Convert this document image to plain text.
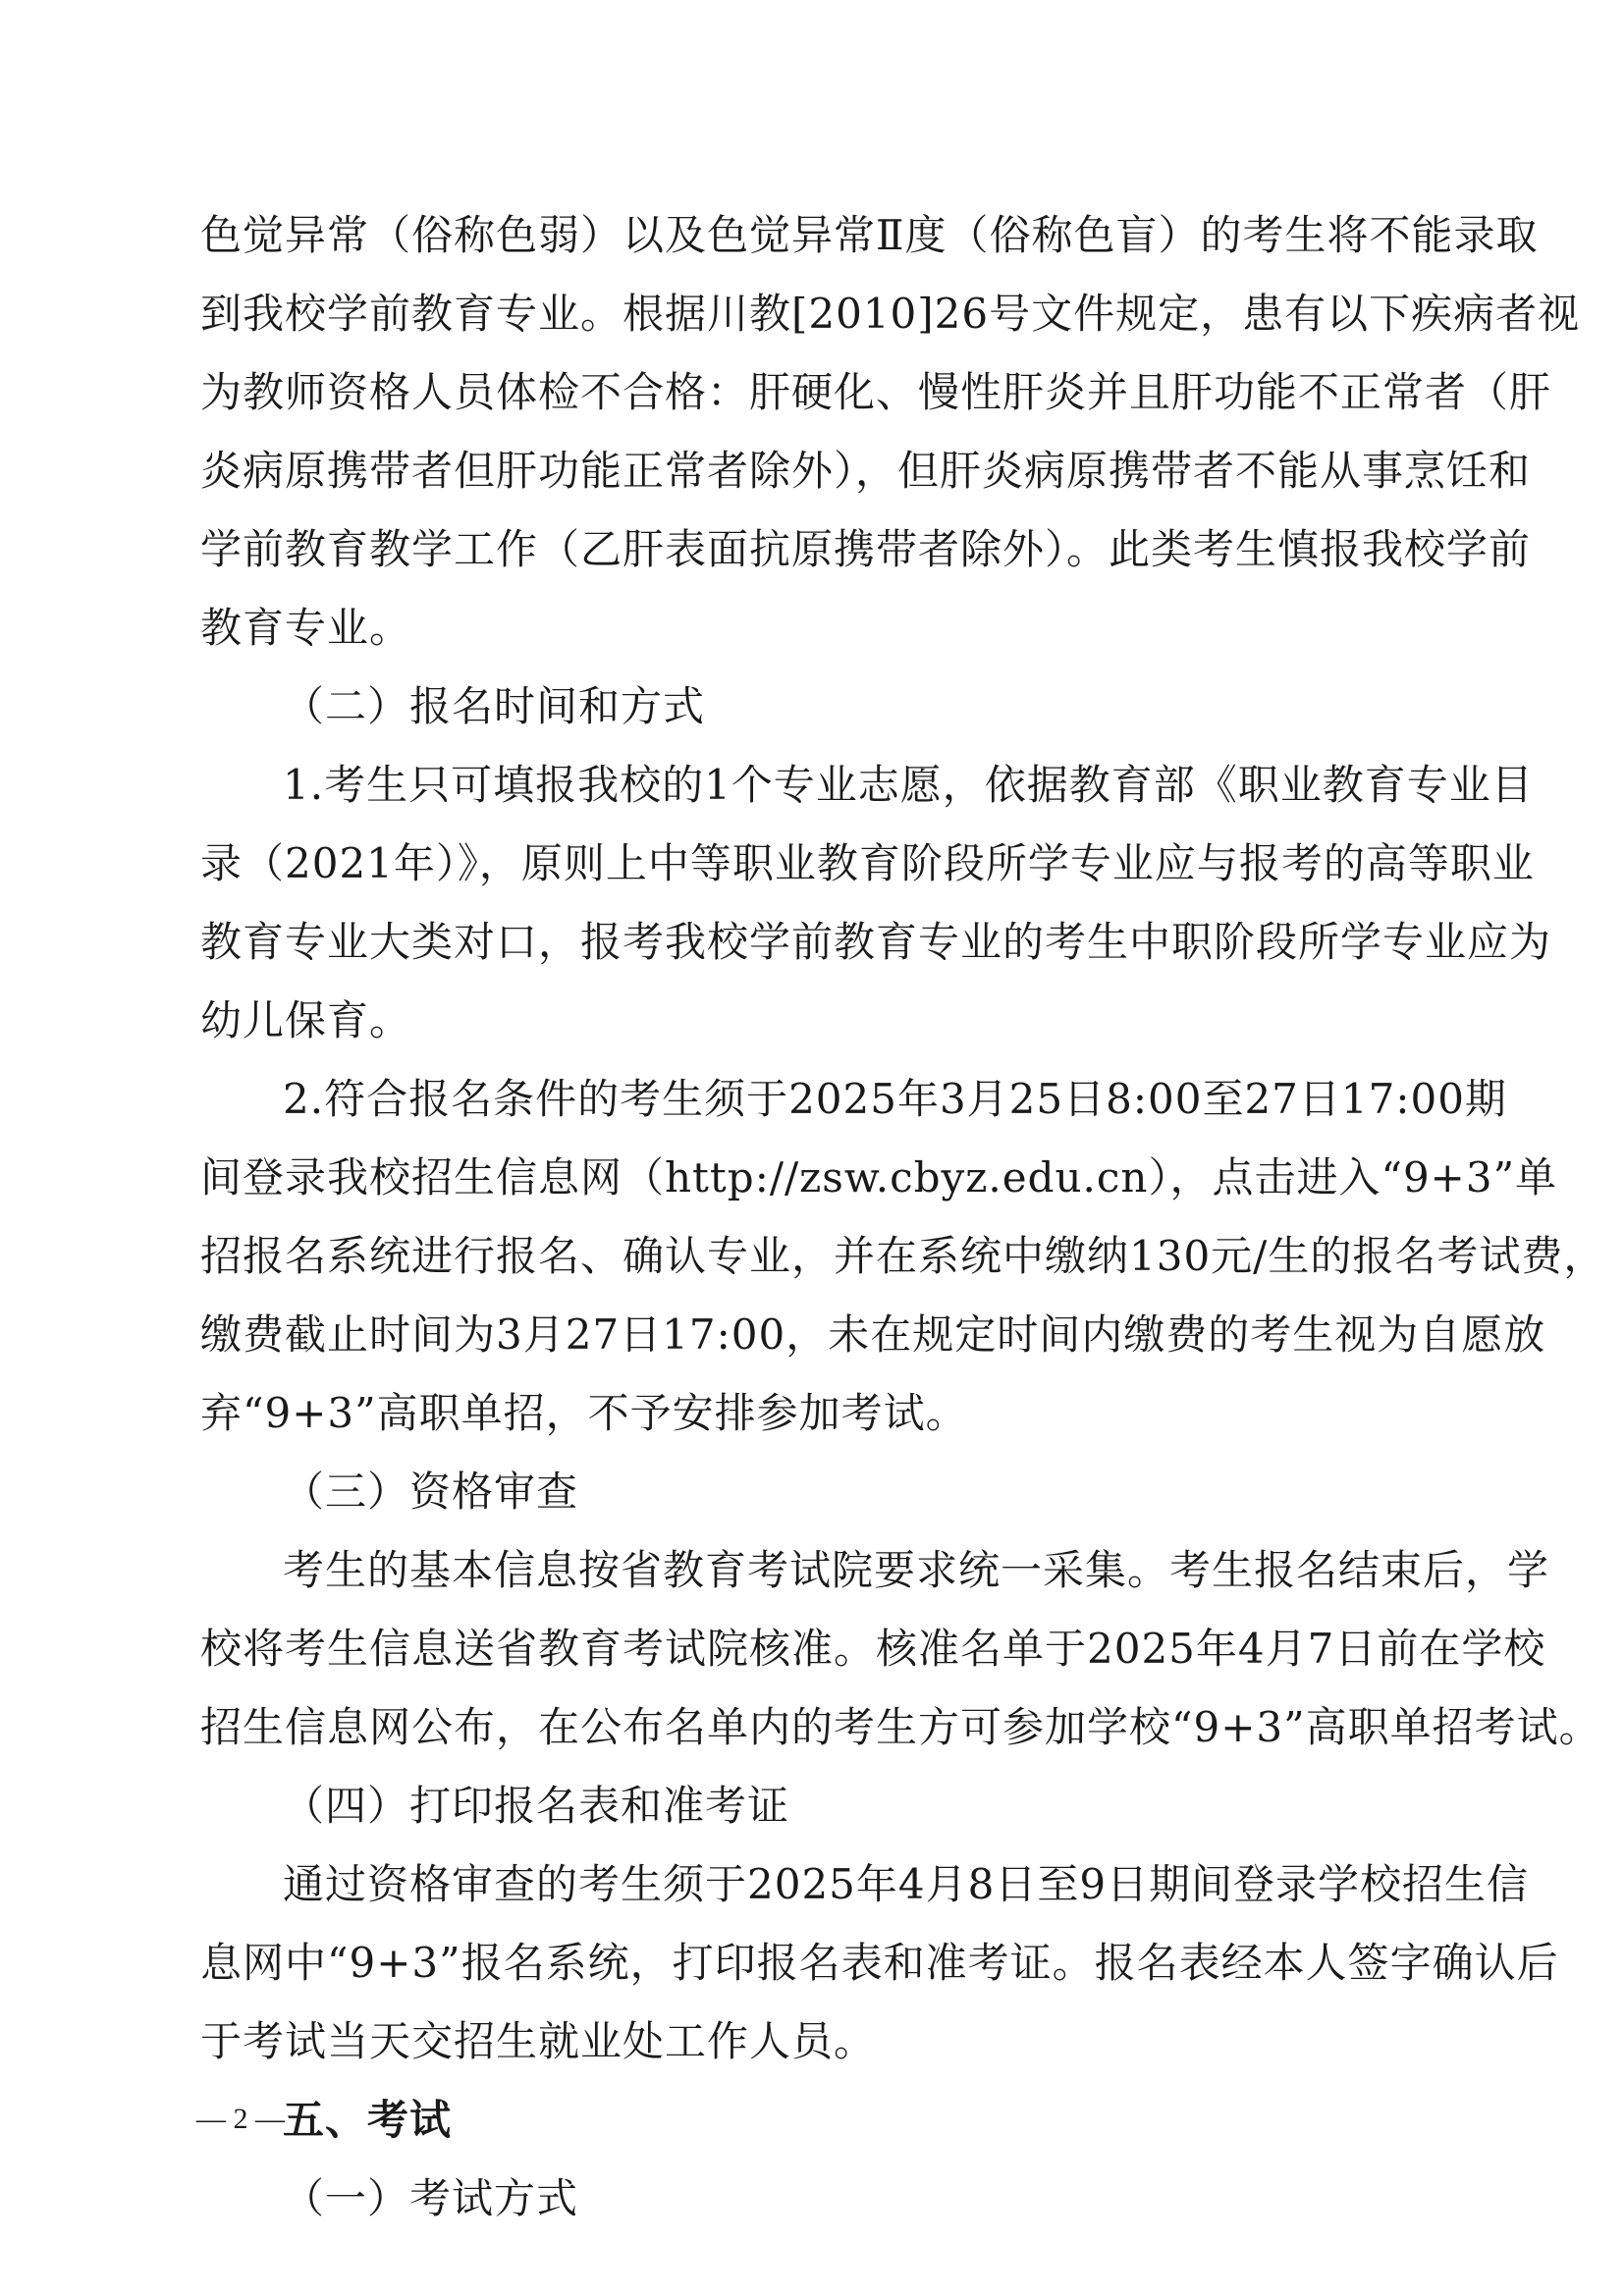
色觉异常（俗称色弱）以及色觉异常Ⅱ度（俗称色盲）的考生将不能录取
到我校学前教育专业。根据川教[2010]26号文件规定，患有以下疾病者视
为教师资格人员体检不合格：肝硬化、慢性肝炎并且肝功能不正常者（肝
炎病原携带者但肝功能正常者除外），但肝炎病原携带者不能从事烹饪和
学前教育教学工作（乙肝表面抗原携带者除外）。此类考生慎报我校学前
教育专业。
（二）报名时间和方式
1.考生只可填报我校的1个专业志愿，依据教育部《职业教育专业目
录（2021年）》，原则上中等职业教育阶段所学专业应与报考的高等职业
教育专业大类对口，报考我校学前教育专业的考生中职阶段所学专业应为
幼儿保育。
2.符合报名条件的考生须于2025年3月25日8:00至27日17:00期
间登录我校招生信息网（http://zsw.cbyz.edu.cn），点击进入“9+3”单
招报名系统进行报名、确认专业，并在系统中缴纳130元/生的报名考试费，
缴费截止时间为3月27日17:00，未在规定时间内缴费的考生视为自愿放
弃“9+3”高职单招，不予安排参加考试。
（三）资格审查
考生的基本信息按省教育考试院要求统一采集。考生报名结束后，学
校将考生信息送省教育考试院核准。核准名单于2025年4月7日前在学校
招生信息网公布，在公布名单内的考生方可参加学校“9+3”高职单招考试。
（四）打印报名表和准考证
通过资格审查的考生须于2025年4月8日至9日期间登录学校招生信
息网中“9+3”报名系统，打印报名表和准考证。报名表经本人签字确认后
于考试当天交招生就业处工作人员。
五、考试
（一）考试方式
— 2 —
